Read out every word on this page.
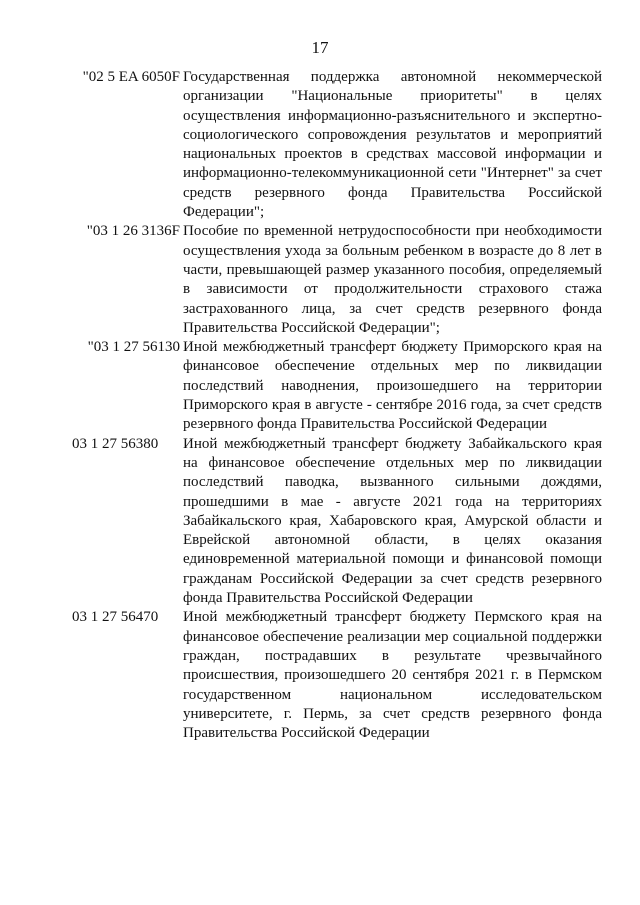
17
"02 5 EA 6050F Государственная поддержка автономной некоммерческой организации "Национальные приоритеты" в целях осуществления информационно-разъяснительного и экспертно-социологического сопровождения результатов и мероприятий национальных проектов в средствах массовой информации и информационно-телекоммуникационной сети "Интернет" за счет средств резервного фонда Правительства Российской Федерации";
"03 1 26 3136F Пособие по временной нетрудоспособности при необходимости осуществления ухода за больным ребенком в возрасте до 8 лет в части, превышающей размер указанного пособия, определяемый в зависимости от продолжительности страхового стажа застрахованного лица, за счет средств резервного фонда Правительства Российской Федерации";
"03 1 27 56130 Иной межбюджетный трансферт бюджету Приморского края на финансовое обеспечение отдельных мер по ликвидации последствий наводнения, произошедшего на территории Приморского края в августе - сентябре 2016 года, за счет средств резервного фонда Правительства Российской Федерации
03 1 27 56380	Иной межбюджетный трансферт бюджету Забайкальского края на финансовое обеспечение отдельных мер по ликвидации последствий паводка, вызванного сильными дождями, прошедшими в мае - августе 2021 года на территориях Забайкальского края, Хабаровского края, Амурской области и Еврейской автономной области, в целях оказания единовременной материальной помощи и финансовой помощи гражданам Российской Федерации за счет средств резервного фонда Правительства Российской Федерации
03 1 27 56470	Иной межбюджетный трансферт бюджету Пермского края на финансовое обеспечение реализации мер социальной поддержки граждан, пострадавших в результате чрезвычайного происшествия, произошедшего 20 сентября 2021 г. в Пермском государственном национальном исследовательском университете, г. Пермь, за счет средств резервного фонда Правительства Российской Федерации
